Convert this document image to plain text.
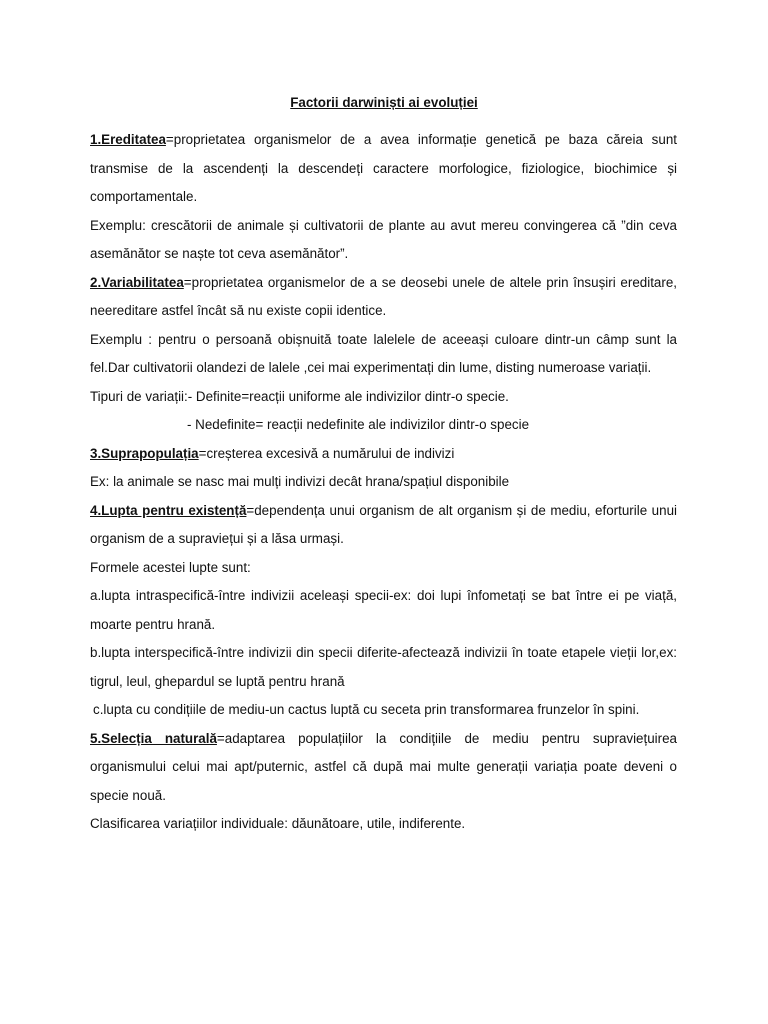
Factorii darwiniști ai evoluției

1.Ereditatea=proprietatea organismelor de a avea informație genetică pe baza căreia sunt transmise de la ascendenți la descendeți caractere morfologice, fiziologice, biochimice și comportamentale.

Exemplu: crescătorii de animale și cultivatorii de plante au avut mereu convingerea că ”din ceva asemănător se naște tot ceva asemănător”.

2.Variabilitatea=proprietatea organismelor de a se deosebi unele de altele prin însușiri ereditare, neereditare astfel încât să nu existe copii identice.

Exemplu : pentru o persoană obișnuită toate lalelele de aceeași culoare dintr-un câmp sunt la fel.Dar cultivatorii olandezi de lalele ,cei mai experimentați din lume, disting numeroase variații.

Tipuri de variații:- Definite=reacții uniforme ale indivizilor dintr-o specie.

- Nedefinite= reacții nedefinite ale indivizilor dintr-o specie

3.Suprapopulația=creșterea excesivă a numărului de indivizi

Ex: la animale se nasc mai mulți indivizi decât hrana/spațiul disponibile

4.Lupta pentru existență=dependența unui organism de alt organism și de mediu, eforturile unui organism de a supraviețui și a lăsa urmași.

Formele acestei lupte sunt:

a.lupta intraspecifică-între indivizii aceleași specii-ex: doi lupi înfometați se bat între ei pe viață, moarte pentru hrană.

b.lupta interspecifică-între indivizii din specii diferite-afectează indivizii în toate etapele vieții lor,ex: tigrul, leul, ghepardul se luptă pentru hrană

c.lupta cu condițiile de mediu-un cactus luptă cu seceta prin transformarea frunzelor în spini.

5.Selecția naturală=adaptarea populațiilor la condițiile de mediu pentru supraviețuirea organismului celui mai apt/puternic, astfel că după mai multe generații variația poate deveni o specie nouă.

Clasificarea variațiilor individuale: dăunătoare, utile, indiferente.
